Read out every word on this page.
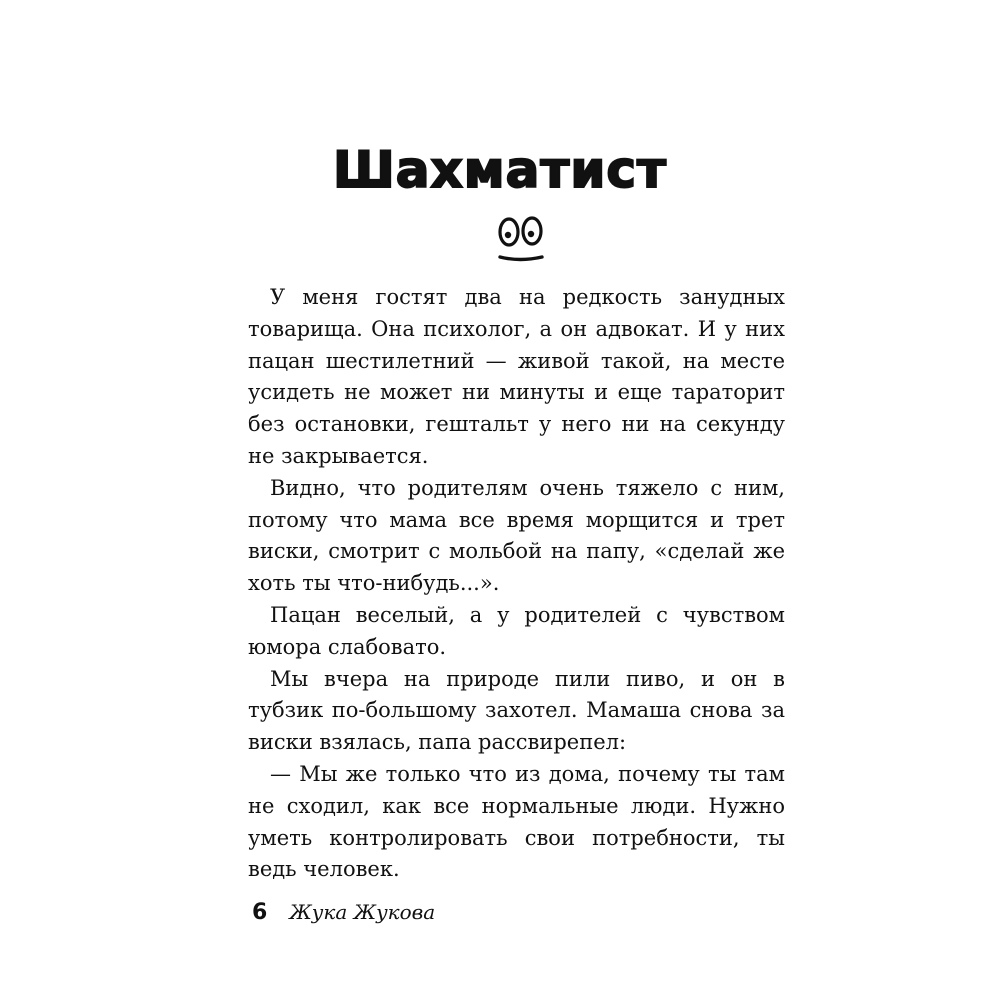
Шахматист

У меня гостят два на редкость занудных товарища. Она психолог, а он адвокат. И у них пацан шестилетний — живой такой, на месте усидеть не может ни минуты и еще тараторит без остановки, гештальт у него ни на секунду не закрывается.

Видно, что родителям очень тяжело с ним, потому что мама все время морщится и трет виски, смотрит с мольбой на папу, «сделай же хоть ты что-нибудь...».

Пацан веселый, а у родителей с чувством юмора слабовато.

Мы вчера на природе пили пиво, и он в тубзик по-большому захотел. Мамаша снова за виски взялась, папа рассвирепел:

— Мы же только что из дома, почему ты там не сходил, как все нормальные люди. Нужно уметь контролировать свои потребности, ты ведь человек.

6 Жука Жукова
